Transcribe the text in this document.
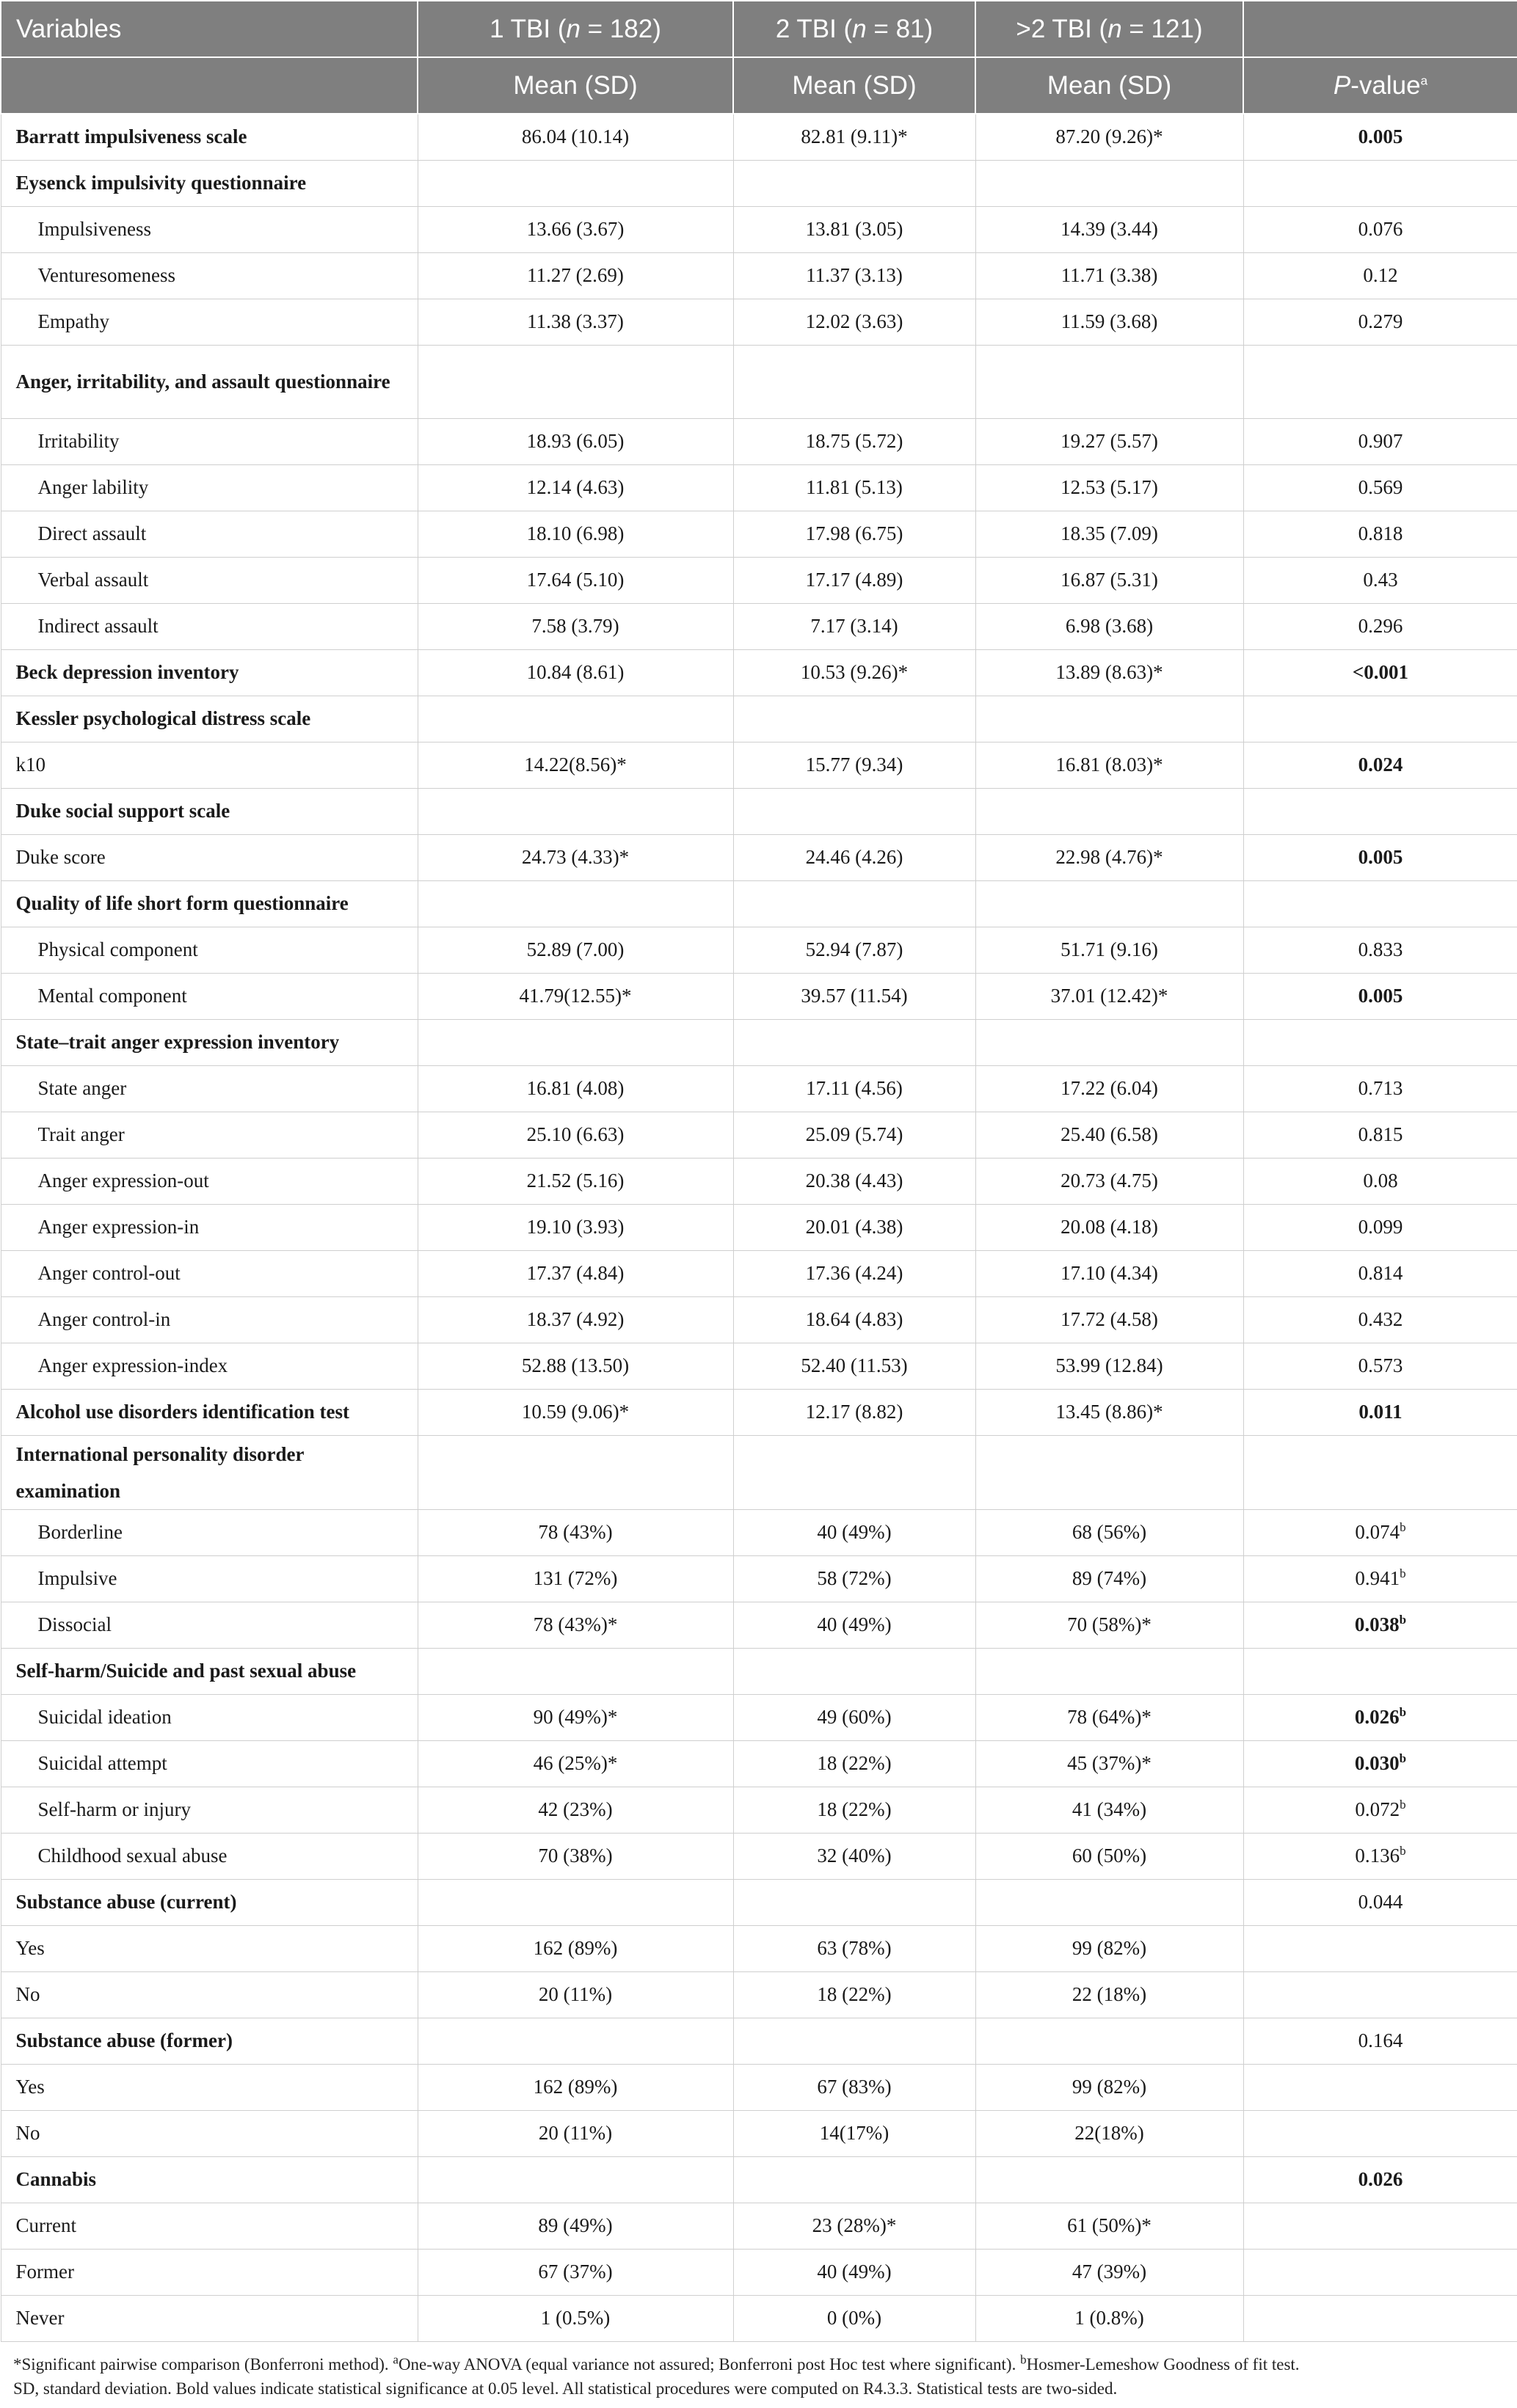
Variables	1 TBI (n = 182)	2 TBI (n = 81)	>2 TBI (n = 121)	
	Mean (SD)	Mean (SD)	Mean (SD)	P-value$^a$
Barratt impulsiveness scale	86.04 (10.14)	82.81 (9.11)*	87.20 (9.26)*	0.005
Eysenck impulsivity questionnaire				
Impulsiveness	13.66 (3.67)	13.81 (3.05)	14.39 (3.44)	0.076
Venturesomeness	11.27 (2.69)	11.37 (3.13)	11.71 (3.38)	0.12
Empathy	11.38 (3.37)	12.02 (3.63)	11.59 (3.68)	0.279
Anger, irritability, and assault questionnaire				
Irritability	18.93 (6.05)	18.75 (5.72)	19.27 (5.57)	0.907
Anger lability	12.14 (4.63)	11.81 (5.13)	12.53 (5.17)	0.569
Direct assault	18.10 (6.98)	17.98 (6.75)	18.35 (7.09)	0.818
Verbal assault	17.64 (5.10)	17.17 (4.89)	16.87 (5.31)	0.43
Indirect assault	7.58 (3.79)	7.17 (3.14)	6.98 (3.68)	0.296
Beck depression inventory	10.84 (8.61)	10.53 (9.26)*	13.89 (8.63)*	<0.001
Kessler psychological distress scale				
k10	14.22(8.56)*	15.77 (9.34)	16.81 (8.03)*	0.024
Duke social support scale				
Duke score	24.73 (4.33)*	24.46 (4.26)	22.98 (4.76)*	0.005
Quality of life short form questionnaire				
Physical component	52.89 (7.00)	52.94 (7.87)	51.71 (9.16)	0.833
Mental component	41.79(12.55)*	39.57 (11.54)	37.01 (12.42)*	0.005
State–trait anger expression inventory				
State anger	16.81 (4.08)	17.11 (4.56)	17.22 (6.04)	0.713
Trait anger	25.10 (6.63)	25.09 (5.74)	25.40 (6.58)	0.815
Anger expression-out	21.52 (5.16)	20.38 (4.43)	20.73 (4.75)	0.08
Anger expression-in	19.10 (3.93)	20.01 (4.38)	20.08 (4.18)	0.099
Anger control-out	17.37 (4.84)	17.36 (4.24)	17.10 (4.34)	0.814
Anger control-in	18.37 (4.92)	18.64 (4.83)	17.72 (4.58)	0.432
Anger expression-index	52.88 (13.50)	52.40 (11.53)	53.99 (12.84)	0.573
Alcohol use disorders identification test	10.59 (9.06)*	12.17 (8.82)	13.45 (8.86)*	0.011
International personality disorder examination				
Borderline	78 (43%)	40 (49%)	68 (56%)	0.074$^b$
Impulsive	131 (72%)	58 (72%)	89 (74%)	0.941$^b$
Dissocial	78 (43%)*	40 (49%)	70 (58%)*	0.038$^b$
Self-harm/Suicide and past sexual abuse				
Suicidal ideation	90 (49%)*	49 (60%)	78 (64%)*	0.026$^b$
Suicidal attempt	46 (25%)*	18 (22%)	45 (37%)*	0.030$^b$
Self-harm or injury	42 (23%)	18 (22%)	41 (34%)	0.072$^b$
Childhood sexual abuse	70 (38%)	32 (40%)	60 (50%)	0.136$^b$
Substance abuse (current)				0.044
Yes	162 (89%)	63 (78%)	99 (82%)	
No	20 (11%)	18 (22%)	22 (18%)	
Substance abuse (former)				0.164
Yes	162 (89%)	67 (83%)	99 (82%)	
No	20 (11%)	14(17%)	22(18%)	
Cannabis				0.026
Current	89 (49%)	23 (28%)*	61 (50%)*	
Former	67 (37%)	40 (49%)	47 (39%)	
Never	1 (0.5%)	0 (0%)	1 (0.8%)	
*Significant pairwise comparison (Bonferroni method). $^a$One-way ANOVA (equal variance not assured; Bonferroni post Hoc test where significant). $^b$Hosmer-Lemeshow Goodness of fit test.
SD, standard deviation. Bold values indicate statistical significance at 0.05 level. All statistical procedures were computed on R4.3.3. Statistical tests are two-sided.
